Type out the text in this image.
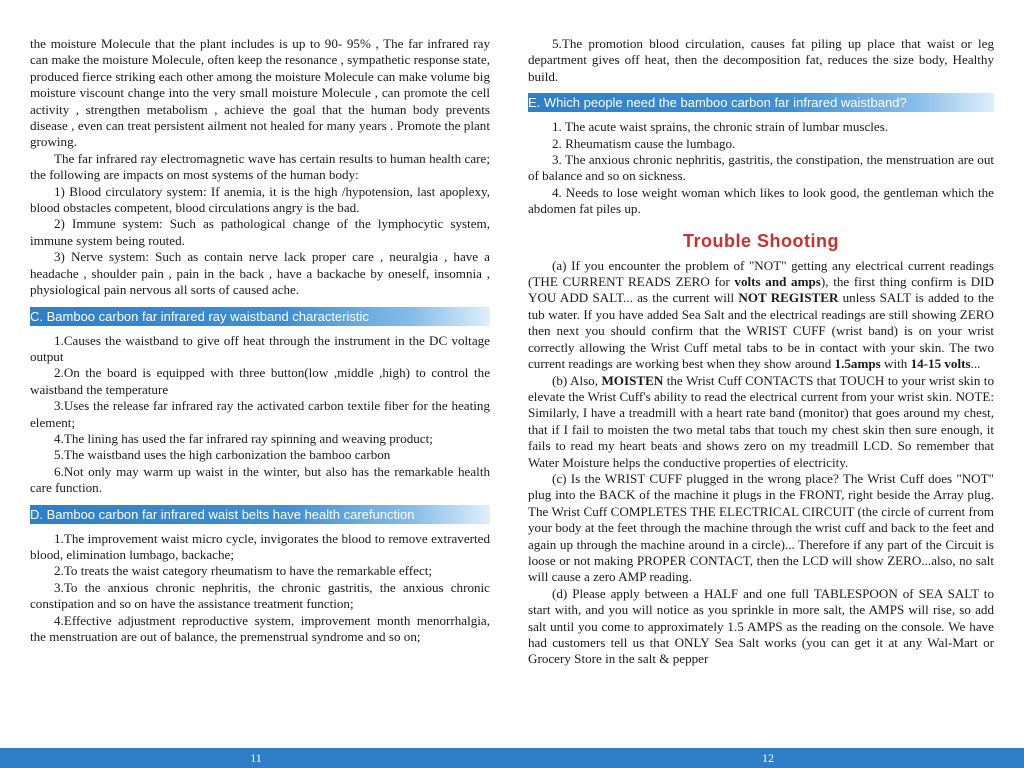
the moisture Molecule that the plant includes is up to 90- 95% , The far infrared ray can make the moisture Molecule, often keep the resonance , sympathetic response state, produced fierce striking each other among the moisture Molecule can make volume big moisture viscount change into the very small moisture Molecule , can promote the cell activity , strengthen metabolism , achieve the goal that the human body prevents disease , even can treat persistent ailment not healed for many years . Promote the plant growing.

The far infrared ray electromagnetic wave has certain results to human health care; the following are impacts on most systems of the human body:

1) Blood circulatory system: If anemia, it is the high /hypotension, last apoplexy, blood obstacles competent, blood circulations angry is the bad.

2) Immune system: Such as pathological change of the lymphocytic system, immune system being routed.

3) Nerve system: Such as contain nerve lack proper care , neuralgia , have a headache , shoulder pain , pain in the back , have a backache by oneself, insomnia , physiological pain nervous all sorts of caused ache.

C. Bamboo carbon far infrared ray waistband characteristic

1.Causes the waistband to give off heat through the instrument in the DC voltage output

2.On the board is equipped with three button(low ,middle ,high) to control the waistband the temperature

3.Uses the release far infrared ray the activated carbon textile fiber for the heating element;

4.The lining has used the far infrared ray spinning and weaving product;

5.The waistband uses the high carbonization the bamboo carbon

6.Not only may warm up waist in the winter, but also has the remarkable health care function.

D. Bamboo carbon far infrared waist belts have health carefunction

1.The improvement waist micro cycle, invigorates the blood to remove extraverted blood, elimination lumbago, backache;

2.To treats the waist category rheumatism to have the remarkable effect;

3.To the anxious chronic nephritis, the chronic gastritis, the anxious chronic constipation and so on have the assistance treatment function;

4.Effective adjustment reproductive system, improvement month menorrhalgia, the menstruation are out of balance, the premenstrual syndrome and so on;

11

5.The promotion blood circulation, causes fat piling up place that waist or leg department gives off heat, then the decomposition fat, reduces the size body, Healthy build.

E. Which people need the bamboo carbon far infrared waistband?

1. The acute waist sprains, the chronic strain of lumbar muscles.

2. Rheumatism cause the lumbago.

3. The anxious chronic nephritis, gastritis, the constipation, the menstruation are out of balance and so on sickness.

4. Needs to lose weight woman which likes to look good, the gentleman which the abdomen fat piles up.

Trouble Shooting

(a) If you encounter the problem of "NOT" getting any electrical current readings (THE CURRENT READS ZERO for volts and amps), the first thing confirm is DID YOU ADD SALT... as the current will NOT REGISTER unless SALT is added to the tub water. If you have added Sea Salt and the electrical readings are still showing ZERO then next you should confirm that the WRIST CUFF (wrist band) is on your wrist correctly allowing the Wrist Cuff metal tabs to be in contact with your skin. The two current readings are working best when they show around 1.5amps with 14-15 volts...

(b) Also, MOISTEN the Wrist Cuff CONTACTS that TOUCH to your wrist skin to elevate the Wrist Cuff's ability to read the electrical current from your wrist skin. NOTE: Similarly, I have a treadmill with a heart rate band (monitor) that goes around my chest, that if I fail to moisten the two metal tabs that touch my chest skin then sure enough, it fails to read my heart beats and shows zero on my treadmill LCD. So remember that Water Moisture helps the conductive properties of electricity.

(c) Is the WRIST CUFF plugged in the wrong place? The Wrist Cuff does "NOT" plug into the BACK of the machine it plugs in the FRONT, right beside the Array plug. The Wrist Cuff COMPLETES THE ELECTRICAL CIRCUIT (the circle of current from your body at the feet through the machine through the wrist cuff and back to the feet and again up through the machine around in a circle)... Therefore if any part of the Circuit is loose or not making PROPER CONTACT, then the LCD will show ZERO...also, no salt will cause a zero AMP reading.

(d) Please apply between a HALF and one full TABLESPOON of SEA SALT to start with, and you will notice as you sprinkle in more salt, the AMPS will rise, so add salt until you come to approximately 1.5 AMPS as the reading on the console. We have had customers tell us that ONLY Sea Salt works (you can get it at any Wal-Mart or Grocery Store in the salt & pepper

12
